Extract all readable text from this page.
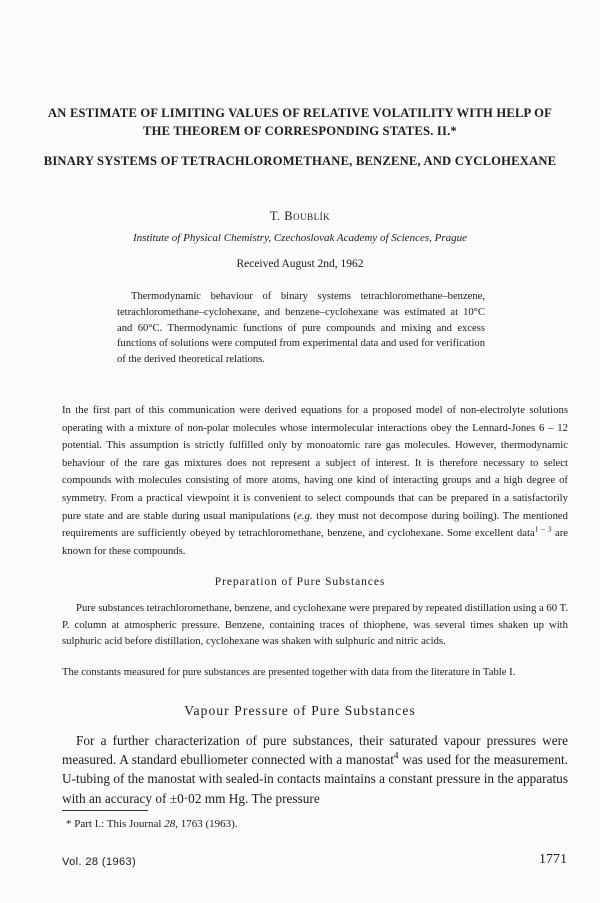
AN ESTIMATE OF LIMITING VALUES OF RELATIVE VOLATILITY WITH HELP OF THE THEOREM OF CORRESPONDING STATES. II.*
BINARY SYSTEMS OF TETRACHLOROMETHANE, BENZENE, AND CYCLOHEXANE
T. Boublík
Institute of Physical Chemistry, Czechoslovak Academy of Sciences, Prague
Received August 2nd, 1962

Thermodynamic behaviour of binary systems tetrachloromethane–benzene, tetrachloromethane–cyclohexane, and benzene–cyclohexane was estimated at 10°C and 60°C. Thermodynamic functions of pure compounds and mixing and excess functions of solutions were computed from experimental data and used for verification of the derived theoretical relations.

In the first part of this communication were derived equations for a proposed model of non-electrolyte solutions operating with a mixture of non-polar molecules whose intermolecular interactions obey the Lennard-Jones 6 – 12 potential. This assumption is strictly fulfilled only by monoatomic rare gas molecules. However, thermodynamic behaviour of the rare gas mixtures does not represent a subject of interest. It is therefore necessary to select compounds with molecules consisting of more atoms, having one kind of interacting groups and a high degree of symmetry. From a practical viewpoint it is convenient to select compounds that can be prepared in a satisfactorily pure state and are stable during usual manipulations (e.g. they must not decompose during boiling). The mentioned requirements are sufficiently obeyed by tetrachloromethane, benzene, and cyclohexane. Some excellent data$^{1 - 3}$ are known for these compounds.

Preparation of Pure Substances

Pure substances tetrachloromethane, benzene, and cyclohexane were prepared by repeated distillation using a 60 T. P. column at atmospheric pressure. Benzene, containing traces of thiophene, was several times shaken up with sulphuric acid before distillation, cyclohexane was shaken with sulphuric and nitric acids.

The constants measured for pure substances are presented together with data from the literature in Table I.

Vapour Pressure of Pure Substances

For a further characterization of pure substances, their saturated vapour pressures were measured. A standard ebulliometer connected with a manostat$^4$ was used for the measurement. U-tubing of the manostat with sealed-in contacts maintains a constant pressure in the apparatus with an accuracy of ±0·02 mm Hg. The pressure

* Part I.: This Journal 28, 1763 (1963).
Vol. 28 (1963)	1771
